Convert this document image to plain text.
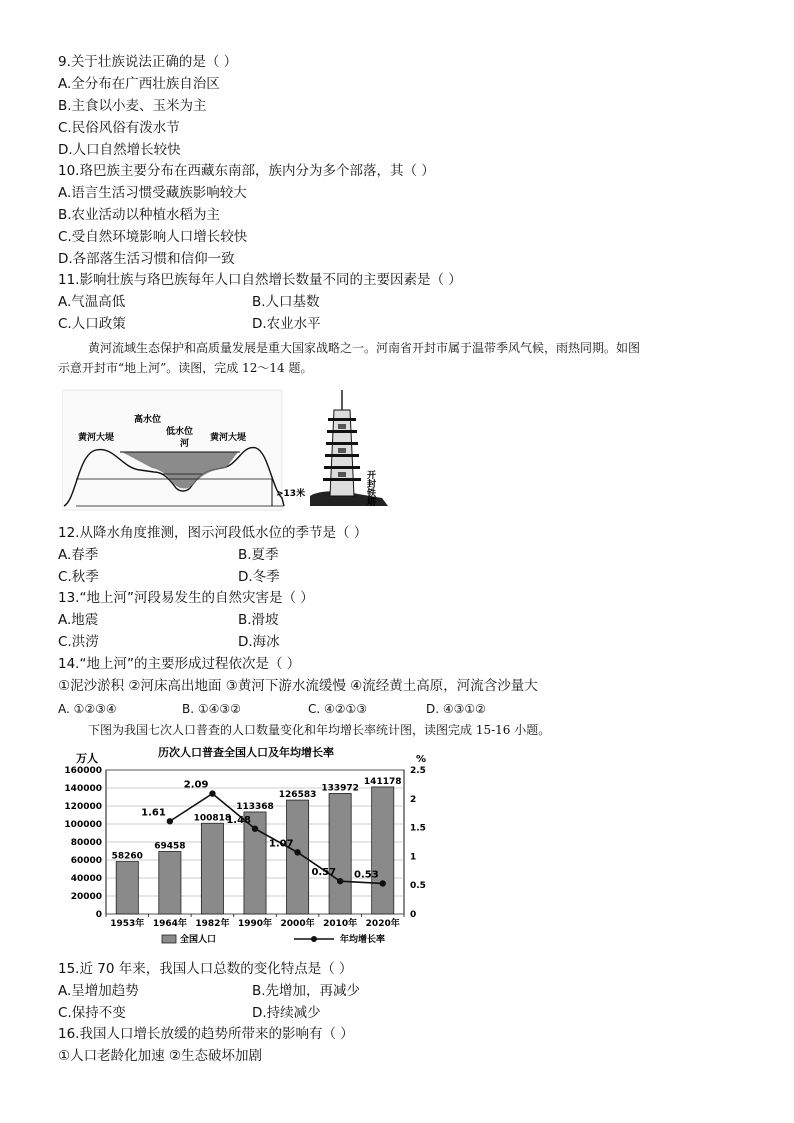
9.关于壮族说法正确的是（ ）
A.全分布在广西壮族自治区
B.主食以小麦、玉米为主
C.民俗风俗有泼水节
D.人口自然增长较快
10.珞巴族主要分布在西藏东南部，族内分为多个部落，其（ ）
A.语言生活习惯受藏族影响较大
B.农业活动以种植水稻为主
C.受自然环境影响人口增长较快
D.各部落生活习惯和信仰一致
11.影响壮族与珞巴族每年人口自然增长数量不同的主要因素是（ ）
A.气温高低	B.人口基数
C.人口政策	D.农业水平
黄河流域生态保护和高质量发展是重大国家战略之一。河南省开封市属于温带季风气候，雨热同期。如图
示意开封市“地上河”。读图，完成 12～14 题。
黄河大堤
高水位
低水位
河
黄河大堤
>13米	开封铁塔
12.从降水角度推测，图示河段低水位的季节是（ ）
A.春季	B.夏季
C.秋季	D.冬季
13.“地上河”河段易发生的自然灾害是（ ）
A.地震	B.滑坡
C.洪涝	D.海冰
14.“地上河”的主要形成过程依次是（ ）
①泥沙淤积 ②河床高出地面 ③黄河下游水流缓慢 ④流经黄土高原，河流含沙量大
A. ①②③④	B. ①④③②	C. ④②①③	D. ④③①②
下图为我国七次人口普查的人口数量变化和年均增长率统计图，读图完成 15-16 小题。
历次人口普查全国人口及年均增长率
万人	%
58260
69458
100818
113368
126583
133972
141178
1.61
2.09
1.48
1.07
0.57 0.53
0
20000
40000
60000
80000
100000
120000
140000
160000
0
0.5
1
1.5
2
2.5
1953年 1964年 1982年 1990年 2000年 2010年 2020年
全国人口	年均增长率
15.近 70 年来，我国人口总数的变化特点是（ ）
A.呈增加趋势	B.先增加，再减少
C.保持不变	D.持续减少
16.我国人口增长放缓的趋势所带来的影响有（ ）
①人口老龄化加速 ②生态破坏加剧
